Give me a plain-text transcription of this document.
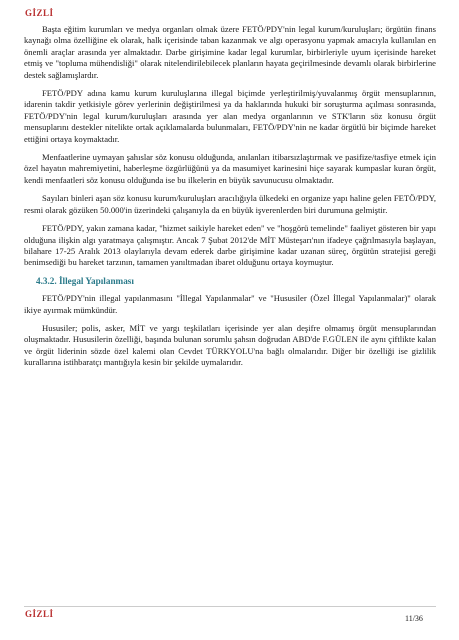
GİZLİ

Başta eğitim kurumları ve medya organları olmak üzere FETÖ/PDY'nin legal kurum/kuruluşları; örgütün finans kaynağı olma özelliğine ek olarak, halk içerisinde taban kazanmak ve algı operasyonu yapmak amacıyla kullanılan en önemli araçlar arasında yer almaktadır. Darbe girişimine kadar legal kurumlar, birbirleriyle uyum içerisinde hareket etmiş ve "topluma mühendisliği" olarak nitelendirilebilecek planların hayata geçirilmesinde devamlı olarak birbirlerine destek sağlamışlardır.

FETÖ/PDY adına kamu kurum kuruluşlarına illegal biçimde yerleştirilmiş/yuvalanmış örgüt mensuplarının, idarenin takdir yetkisiyle görev yerlerinin değiştirilmesi ya da haklarında hukuki bir soruşturma açılması sonrasında, FETÖ/PDY'nin legal kurum/kuruluşları arasında yer alan medya organlarının ve STK'ların söz konusu örgüt mensuplarını destekler nitelikte ortak açıklamalarda bulunmaları, FETÖ/PDY'nin ne kadar örgütlü bir biçimde hareket ettiğini ortaya koymaktadır.

Menfaatlerine uymayan şahıslar söz konusu olduğunda, anılanları itibarsızlaştırmak ve pasifize/tasfiye etmek için özel hayatın mahremiyetini, haberleşme özgürlüğünü ya da masumiyet karinesini hiçe sayarak kumpaslar kuran örgüt, kendi menfaatleri söz konusu olduğunda ise bu ilkelerin en büyük savunucusu olmaktadır.

Sayıları binleri aşan söz konusu kurum/kuruluşları aracılığıyla ülkedeki en organize yapı haline gelen FETÖ/PDY, resmi olarak gözüken 50.000'in üzerindeki çalışanıyla da en büyük işverenlerden biri durumuna gelmiştir.

FETÖ/PDY, yakın zamana kadar, "hizmet saikiyle hareket eden" ve "hoşgörü temelinde" faaliyet gösteren bir yapı olduğuna ilişkin algı yaratmaya çalışmıştır. Ancak 7 Şubat 2012'de MİT Müsteşarı'nın ifadeye çağrılmasıyla başlayan, bilahare 17-25 Aralık 2013 olaylarıyla devam ederek darbe girişimine kadar uzanan süreç, örgütün stratejisi gereği benimsediği bu hareket tarzının, tamamen yanıltmadan ibaret olduğunu ortaya koymuştur.

4.3.2. İllegal Yapılanması

FETÖ/PDY'nin illegal yapılanmasını "İllegal Yapılanmalar" ve "Hususiler (Özel İllegal Yapılanmalar)" olarak ikiye ayırmak mümkündür.

Hususiler; polis, asker, MİT ve yargı teşkilatları içerisinde yer alan deşifre olmamış örgüt mensuplarından oluşmaktadır. Hususilerin özelliği, başında bulunan sorumlu şahsın doğrudan ABD'de F.GÜLEN ile aynı çiftlikte kalan ve örgüt liderinin sözde özel kalemi olan Cevdet TÜRKYOLU'na bağlı olmalarıdır. Diğer bir özelliği ise gizlilik kurallarına istihbaratçı mantığıyla kesin bir şekilde uymalarıdır.

GİZLİ	11/36
